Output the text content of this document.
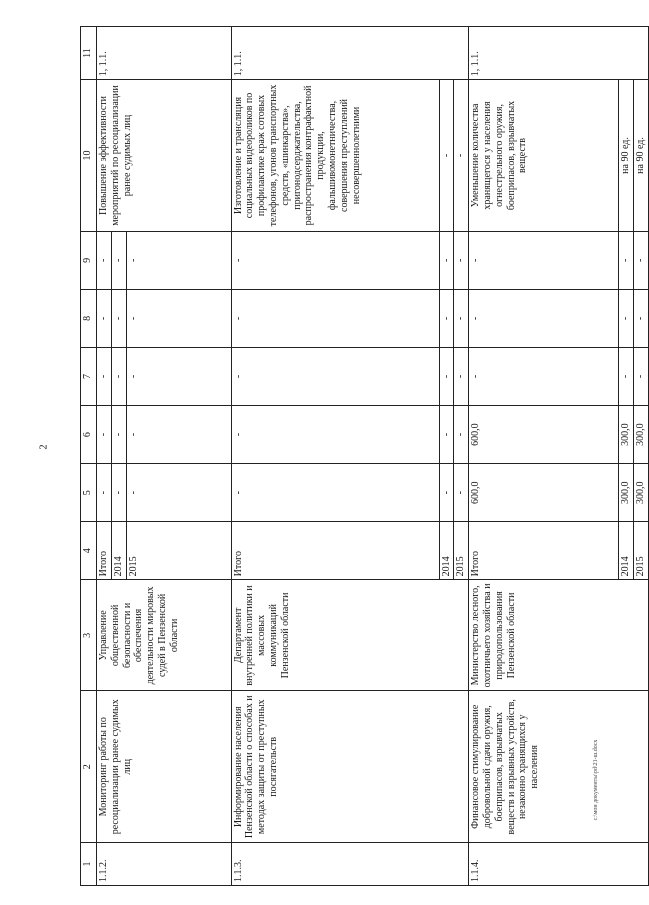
2
c:\мои документы\pd\21-ш.docx
1	2	3	4	5	6	7	8	9	10	11
1.1.2.	Мониторинг работы по ресоциализации ранее судимых лиц	Управление общественной безопасности и обеспечения деятельности мировых судей в Пензенской области	Итого	-	-	-	-	-	Повышение эффективности мероприятий по ресоциализации ранее судимых лиц	1, 1.1.
			2014	-	-	-	-	-		
			2015	-	-	-	-	-		
1.1.3.	Информирование населения Пензенской области о способах и методах защиты от преступных посягательств	Департамент внутренней политики и массовых коммуникаций Пензенской области	Итого	-	-	-	-	-	Изготовление и трансляция социальных видеороликов по профилактике краж сотовых телефонов, угонов транспортных средств, «шинкарства», пригонодсерджательства, распространения контрафактной продукции, фальшивомонетничества, совершения преступлений несовершеннолетними	1, 1.1.
			2014	-	-	-	-	-	-	
			2015	-	-	-	-	-	-	
1.1.4.	Финансовое стимулирование добровольной сдачи оружия, боеприпасов, взрывчатых веществ и взрывных устройств, незаконно хранящихся у населения	Министерство лесного, охотничьего хозяйства и природопользования Пензенской области	Итого	600,0	600,0	-	-	-	Уменьшение количества хранящегося у населения огнестрельного оружия, боеприпасов, взрывчатых веществ	1, 1.1.
			2014	300,0	300,0	-	-	-	на 90 ед.	
			2015	300,0	300,0	-	-	-	на 90 ед.	
